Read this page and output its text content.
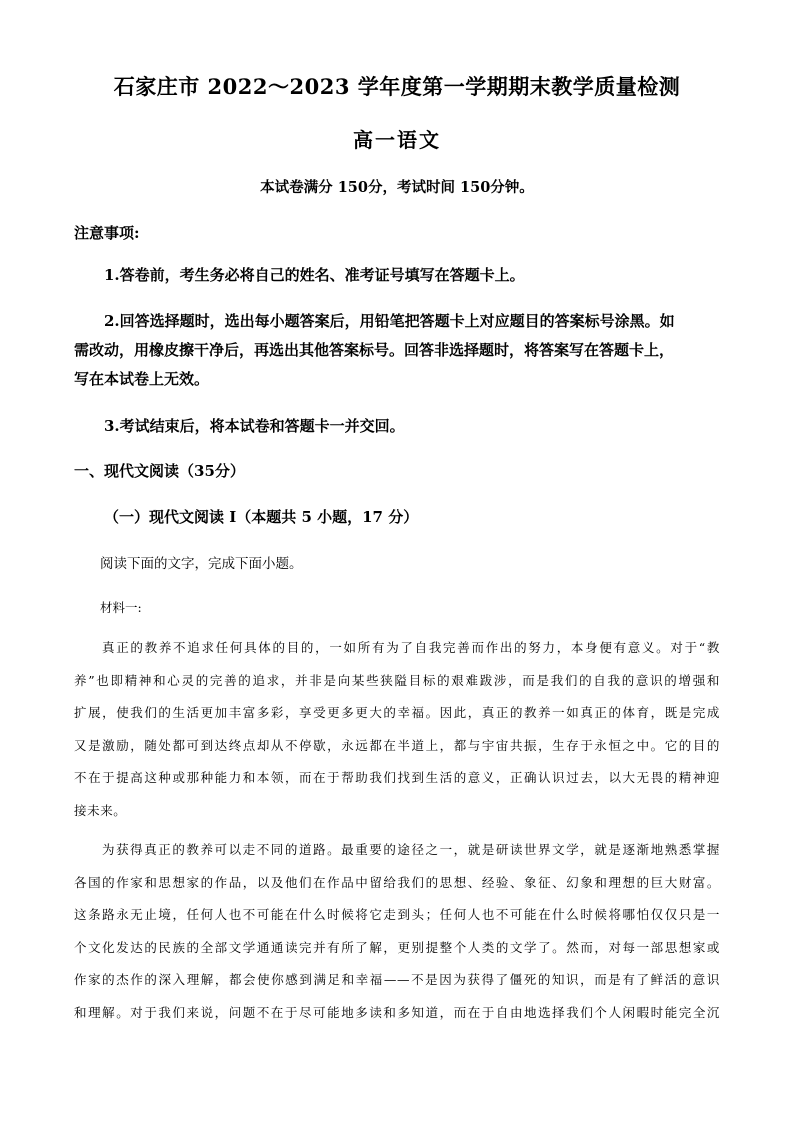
石家庄市 2022～2023 学年度第一学期期末教学质量检测

高一语文

本试卷满分 150分，考试时间 150分钟。

注意事项:

1.答卷前，考生务必将自己的姓名、准考证号填写在答题卡上。
2.回答选择题时，选出每小题答案后，用铅笔把答题卡上对应题目的答案标号涂黑。如
需改动，用橡皮擦干净后，再选出其他答案标号。回答非选择题时，将答案写在答题卡上，
写在本试卷上无效。
3.考试结束后，将本试卷和答题卡一并交回。

一、现代文阅读（35分）

（一）现代文阅读 I（本题共 5 小题，17 分）

阅读下面的文字，完成下面小题。

材料一:

真正的教养不追求任何具体的目的，一如所有为了自我完善而作出的努力，本身便有意义。对于“教
养”也即精神和心灵的完善的追求，并非是向某些狭隘目标的艰难跋涉，而是我们的自我的意识的增强和
扩展，使我们的生活更加丰富多彩，享受更多更大的幸福。因此，真正的教养一如真正的体育，既是完成
又是激励，随处都可到达终点却从不停歇，永远都在半道上，都与宇宙共振，生存于永恒之中。它的目的
不在于提高这种或那种能力和本领，而在于帮助我们找到生活的意义，正确认识过去，以大无畏的精神迎
接未来。
为获得真正的教养可以走不同的道路。最重要的途径之一，就是研读世界文学，就是逐渐地熟悉掌握
各国的作家和思想家的作品，以及他们在作品中留给我们的思想、经验、象征、幻象和理想的巨大财富。
这条路永无止境，任何人也不可能在什么时候将它走到头；任何人也不可能在什么时候将哪怕仅仅只是一
个文化发达的民族的全部文学通通读完并有所了解，更别提整个人类的文学了。然而，对每一部思想家或
作家的杰作的深入理解，都会使你感到满足和幸福——不是因为获得了僵死的知识，而是有了鲜活的意识
和理解。对于我们来说，问题不在于尽可能地多读和多知道，而在于自由地选择我们个人闲暇时能完全沉
